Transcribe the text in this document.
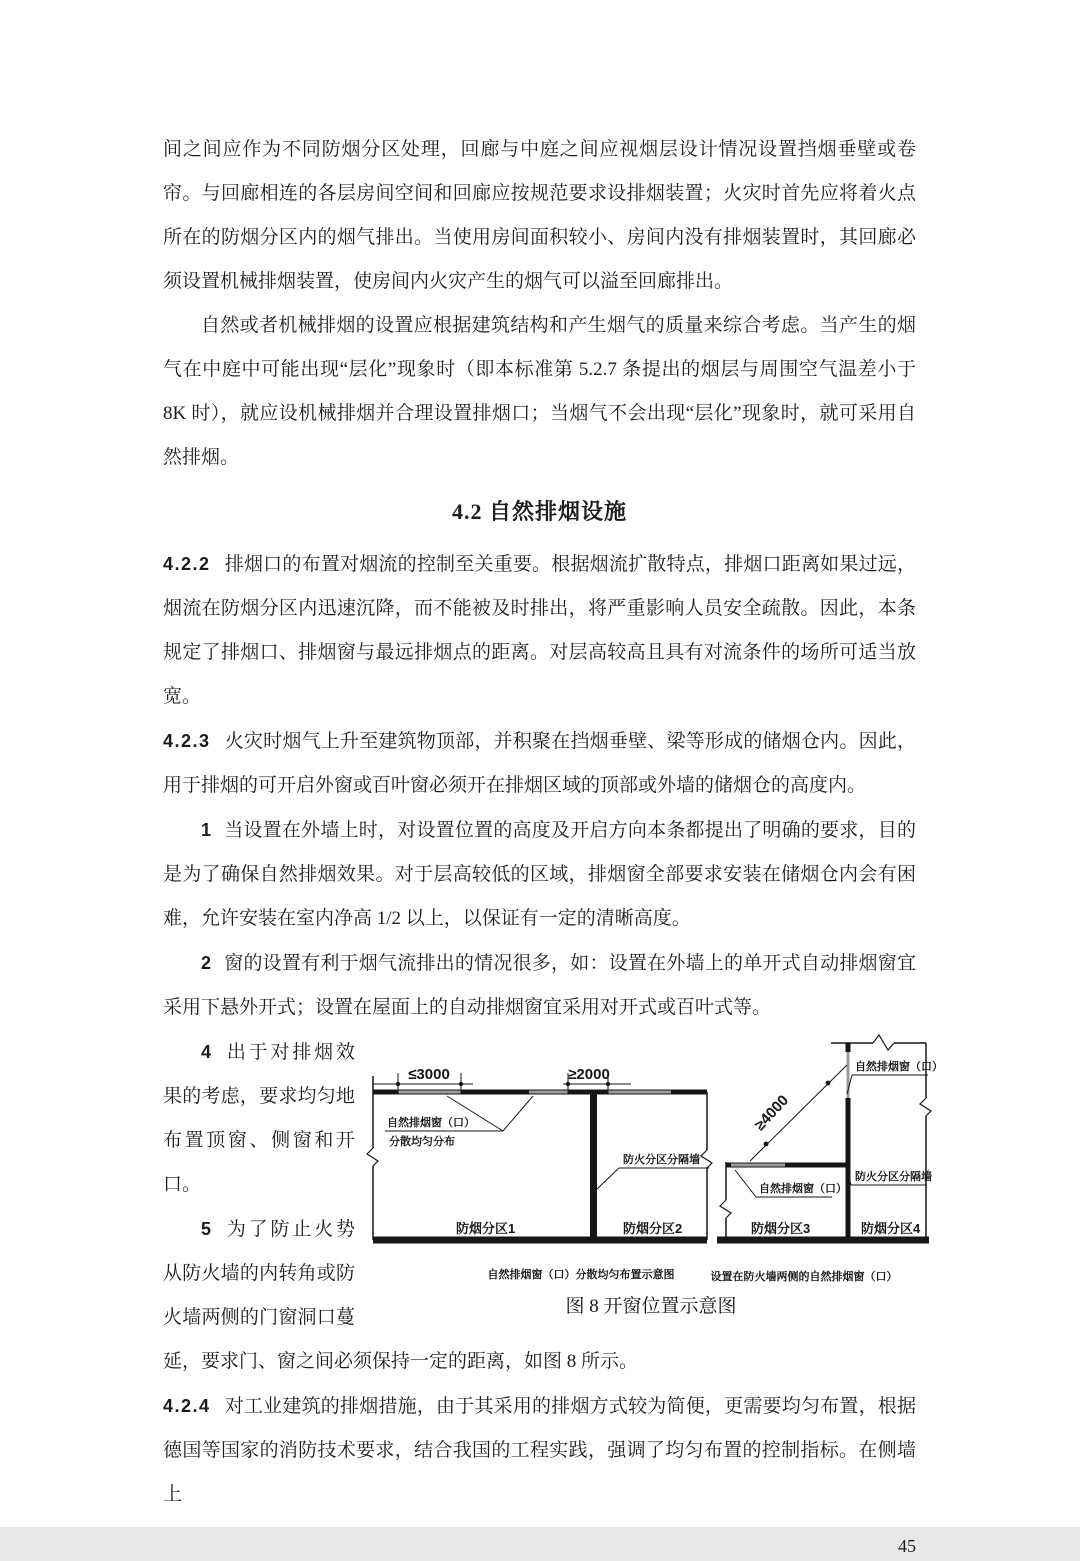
间之间应作为不同防烟分区处理，回廊与中庭之间应视烟层设计情况设置挡烟垂壁或卷帘。与回廊相连的各层房间空间和回廊应按规范要求设排烟装置；火灾时首先应将着火点所在的防烟分区内的烟气排出。当使用房间面积较小、房间内没有排烟装置时，其回廊必须设置机械排烟装置，使房间内火灾产生的烟气可以溢至回廊排出。

自然或者机械排烟的设置应根据建筑结构和产生烟气的质量来综合考虑。当产生的烟气在中庭中可能出现“层化”现象时（即本标准第 5.2.7 条提出的烟层与周围空气温差小于 8K 时），就应设机械排烟并合理设置排烟口；当烟气不会出现“层化”现象时，就可采用自然排烟。

4.2 自然排烟设施

4.2.2 排烟口的布置对烟流的控制至关重要。根据烟流扩散特点，排烟口距离如果过远，烟流在防烟分区内迅速沉降，而不能被及时排出，将严重影响人员安全疏散。因此，本条规定了排烟口、排烟窗与最远排烟点的距离。对层高较高且具有对流条件的场所可适当放宽。

4.2.3 火灾时烟气上升至建筑物顶部，并积聚在挡烟垂壁、梁等形成的储烟仓内。因此，用于排烟的可开启外窗或百叶窗必须开在排烟区域的顶部或外墙的储烟仓的高度内。

1 当设置在外墙上时，对设置位置的高度及开启方向本条都提出了明确的要求，目的是为了确保自然排烟效果。对于层高较低的区域，排烟窗全部要求安装在储烟仓内会有困难，允许安装在室内净高 1/2 以上，以保证有一定的清晰高度。

2 窗的设置有利于烟气流排出的情况很多，如：设置在外墙上的单开式自动排烟窗宜采用下悬外开式；设置在屋面上的自动排烟窗宜采用对开式或百叶式等。

≤3000	≥2000
自然排烟窗（口）
分散均匀分布
防火分区分隔墙
防烟分区1	防烟分区2
≥4000
自然排烟窗（口）
自然排烟窗（口）
防火分区分隔墙
防烟分区3	防烟分区4
自然排烟窗（口）分散均匀布置示意图	设置在防火墙两侧的自然排烟窗（口）
图 8 开窗位置示意图

4 出于对排烟效果的考虑，要求均匀地布置顶窗、侧窗和开口。

5 为了防止火势从防火墙的内转角或防火墙两侧的门窗洞口蔓延，要求门、窗之间必须保持一定的距离，如图 8 所示。

4.2.4 对工业建筑的排烟措施，由于其采用的排烟方式较为简便，更需要均匀布置，根据德国等国家的消防技术要求，结合我国的工程实践，强调了均匀布置的控制指标。在侧墙上

45
